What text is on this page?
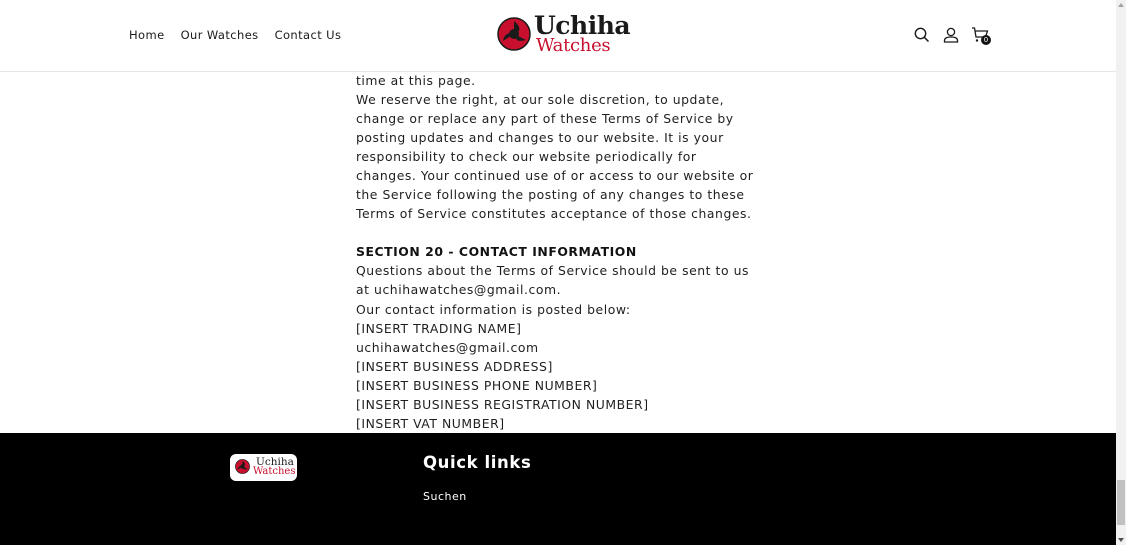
Home Our Watches Contact Us	Uchiha
Watches	0

time at this page.

We reserve the right, at our sole discretion, to update, change or replace any part of these Terms of Service by posting updates and changes to our website. It is your responsibility to check our website periodically for changes. Your continued use of or access to our website or the Service following the posting of any changes to these Terms of Service constitutes acceptance of those changes.

SECTION 20 - CONTACT INFORMATION

Questions about the Terms of Service should be sent to us at uchihawatches@gmail.com.

Our contact information is posted below:

[INSERT TRADING NAME]

uchihawatches@gmail.com

[INSERT BUSINESS ADDRESS]

[INSERT BUSINESS PHONE NUMBER]

[INSERT BUSINESS REGISTRATION NUMBER]

[INSERT VAT NUMBER]

Uchiha
Watches	Quick links
Suchen
